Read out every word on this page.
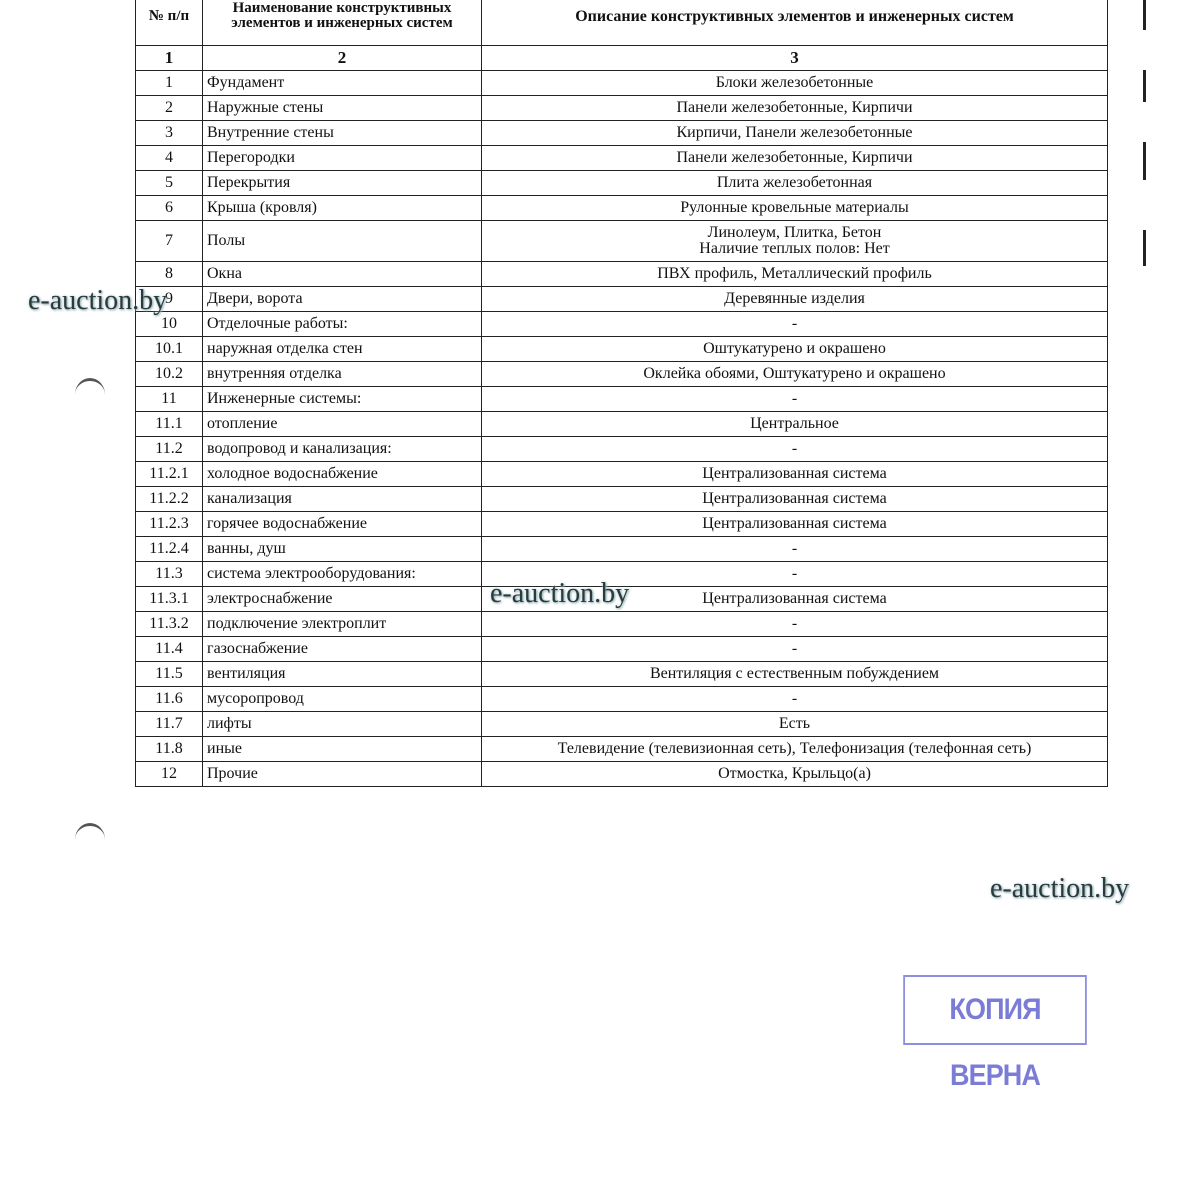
№ п/п	Наименование конструктивных элементов и инженерных систем	Описание конструктивных элементов и инженерных систем
1	2	3
1	Фундамент	Блоки железобетонные
2	Наружные стены	Панели железобетонные, Кирпичи
3	Внутренние стены	Кирпичи, Панели железобетонные
4	Перегородки	Панели железобетонные, Кирпичи
5	Перекрытия	Плита железобетонная
6	Крыша (кровля)	Рулонные кровельные материалы
7	Полы	Линолеум, Плитка, Бетон
Наличие теплых полов: Нет

8	Окна	ПВХ профиль, Металлический профиль
9	Двери, ворота	Деревянные изделия
10	Отделочные работы:	-
10.1	наружная отделка стен	Оштукатурено и окрашено
10.2	внутренняя отделка	Оклейка обоями, Оштукатурено и окрашено
11	Инженерные системы:	-
11.1	отопление	Центральное
11.2	водопровод и канализация:	-
11.2.1	холодное водоснабжение	Централизованная система
11.2.2	канализация	Централизованная система
11.2.3	горячее водоснабжение	Централизованная система
11.2.4	ванны, душ	-
11.3	система электрооборудования:	-
11.3.1	электроснабжение	Централизованная система
11.3.2	подключение электроплит	-
11.4	газоснабжение	-
11.5	вентиляция	Вентиляция с естественным побуждением
11.6	мусоропровод	-
11.7	лифты	Есть
11.8	иные	Телевидение (телевизионная сеть), Телефонизация (телефонная сеть)
12	Прочие	Отмостка, Крыльцо(а)
e-auction.by
e-auction.by
e-auction.by
КОПИЯ ВЕРНА
